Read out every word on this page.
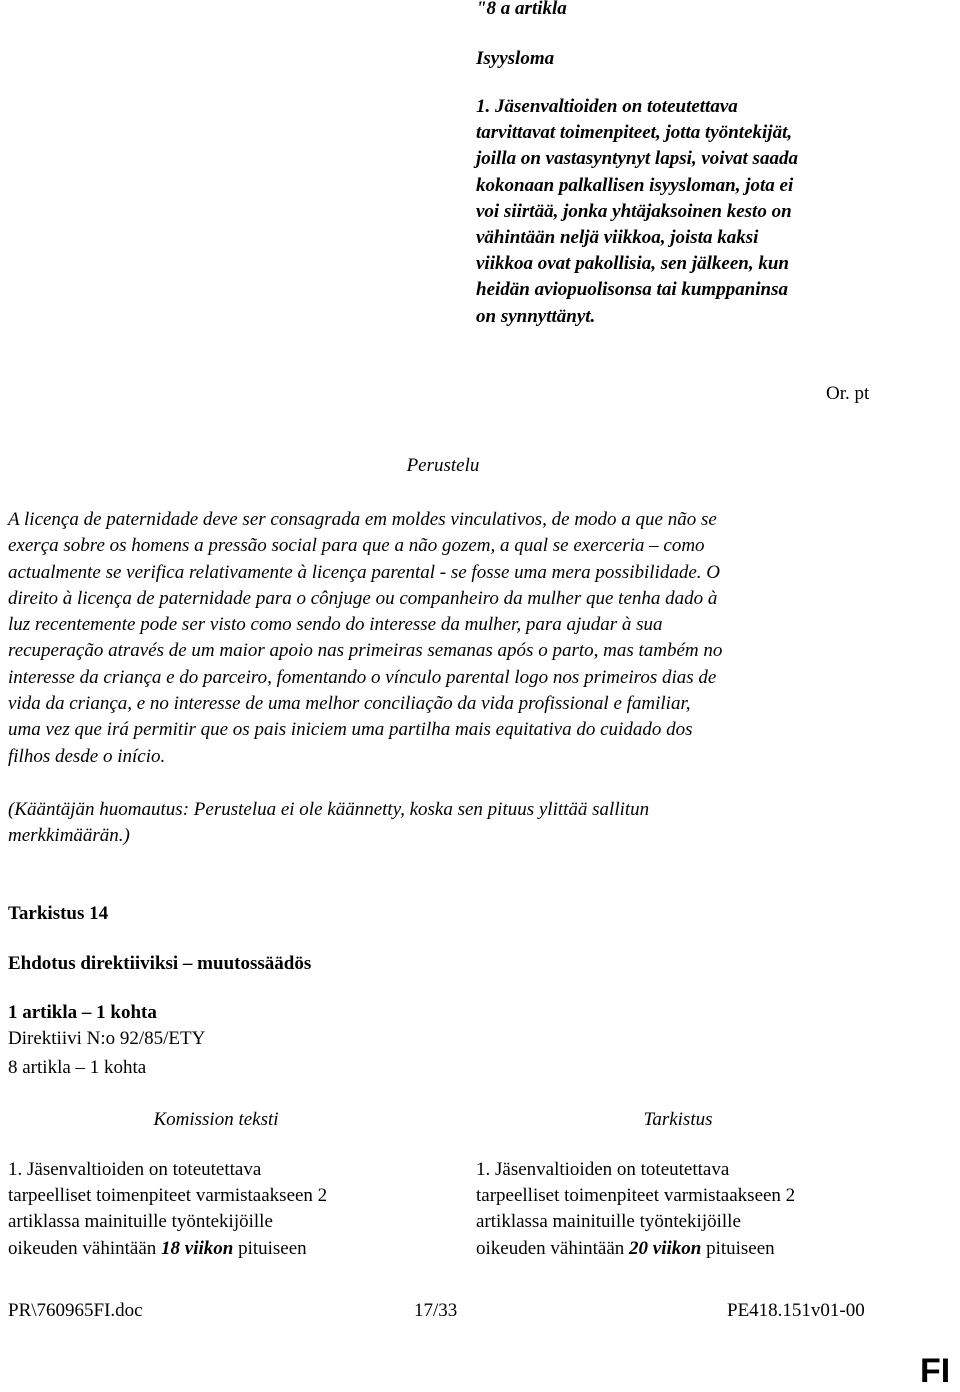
"8 a artikla
Isyysloma
1. Jäsenvaltioiden on toteutettava
tarvittavat toimenpiteet, jotta työntekijät,
joilla on vastasyntynyt lapsi, voivat saada
kokonaan palkallisen isyysloman, jota ei
voi siirtää, jonka yhtäjaksoinen kesto on
vähintään neljä viikkoa, joista kaksi
viikkoa ovat pakollisia, sen jälkeen, kun
heidän aviopuolisonsa tai kumppaninsa
on synnyttänyt.
Or. pt
Perustelu
A licença de paternidade deve ser consagrada em moldes vinculativos, de modo a que não se
exerça sobre os homens a pressão social para que a não gozem, a qual se exerceria – como
actualmente se verifica relativamente à licença parental - se fosse uma mera possibilidade. O
direito à licença de paternidade para o cônjuge ou companheiro da mulher que tenha dado à
luz recentemente pode ser visto como sendo do interesse da mulher, para ajudar à sua
recuperação através de um maior apoio nas primeiras semanas após o parto, mas também no
interesse da criança e do parceiro, fomentando o vínculo parental logo nos primeiros dias de
vida da criança, e no interesse de uma melhor conciliação da vida profissional e familiar,
uma vez que irá permitir que os pais iniciem uma partilha mais equitativa do cuidado dos
filhos desde o início.
(Kääntäjän huomautus: Perustelua ei ole käännetty, koska sen pituus ylittää sallitun
merkkimäärän.)
Tarkistus 14
Ehdotus direktiiviksi – muutossäädös
1 artikla – 1 kohta
Direktiivi N:o 92/85/ETY
8 artikla – 1 kohta
Komission teksti	Tarkistus
1. Jäsenvaltioiden on toteutettava
tarpeelliset toimenpiteet varmistaakseen 2
artiklassa mainituille työntekijöille
oikeuden vähintään 18 viikon pituiseen
1. Jäsenvaltioiden on toteutettava
tarpeelliset toimenpiteet varmistaakseen 2
artiklassa mainituille työntekijöille
oikeuden vähintään 20 viikon pituiseen
PR\760965FI.doc	17/33	PE418.151v01-00
FI
